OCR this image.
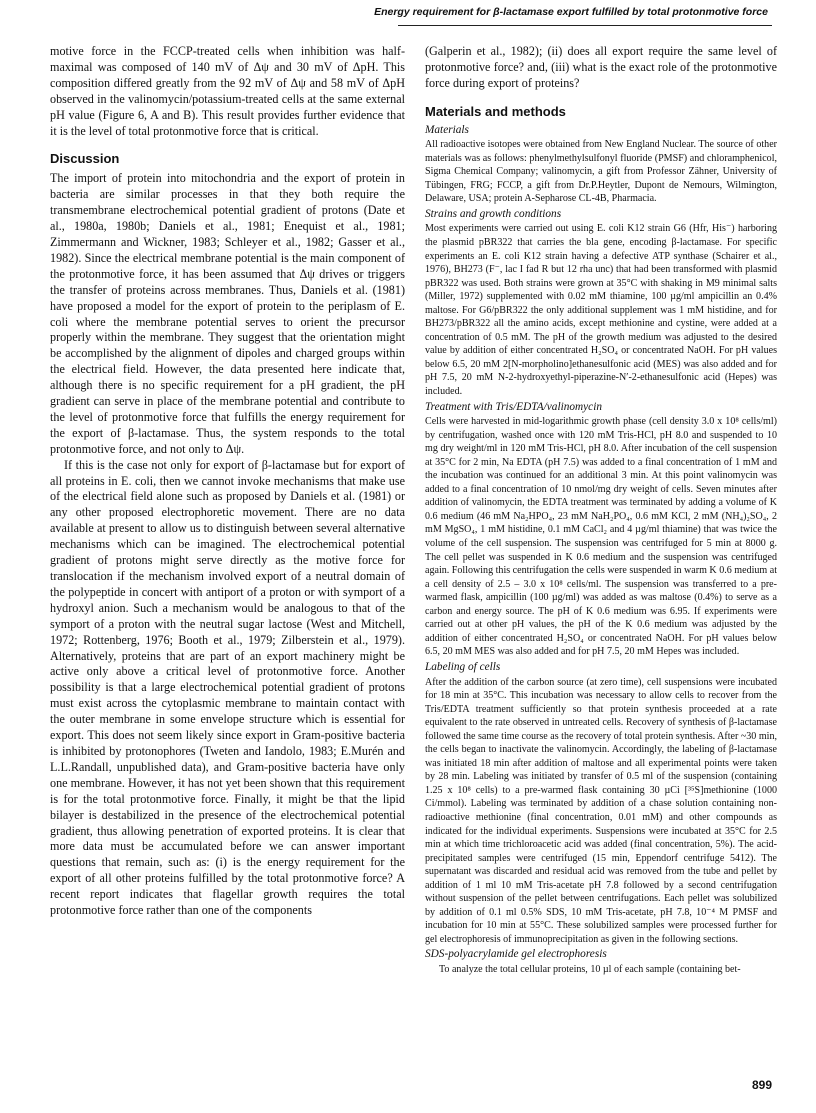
Energy requirement for β-lactamase export fulfilled by total protonmotive force

motive force in the FCCP-treated cells when inhibition was half-maximal was composed of 140 mV of Δψ and 30 mV of ΔpH. This composition differed greatly from the 92 mV of Δψ and 58 mV of ΔpH observed in the valinomycin/potassium-treated cells at the same external pH value (Figure 6, A and B). This result provides further evidence that it is the level of total protonmotive force that is critical.

Discussion

The import of protein into mitochondria and the export of protein in bacteria are similar processes in that they both require the transmembrane electrochemical potential gradient of protons (Date et al., 1980a, 1980b; Daniels et al., 1981; Enequist et al., 1981; Zimmermann and Wickner, 1983; Schleyer et al., 1982; Gasser et al., 1982). Since the electrical membrane potential is the main component of the protonmotive force, it has been assumed that Δψ drives or triggers the transfer of proteins across membranes. Thus, Daniels et al. (1981) have proposed a model for the export of protein to the periplasm of E. coli where the membrane potential serves to orient the precursor properly within the membrane. They suggest that the orientation might be accomplished by the alignment of dipoles and charged groups within the electrical field. However, the data presented here indicate that, although there is no specific requirement for a pH gradient, the pH gradient can serve in place of the membrane potential and contribute to the level of protonmotive force that fulfills the energy requirement for the export of β-lactamase. Thus, the system responds to the total protonmotive force, and not only to Δψ.

If this is the case not only for export of β-lactamase but for export of all proteins in E. coli, then we cannot invoke mechanisms that make use of the electrical field alone such as proposed by Daniels et al. (1981) or any other proposed electrophoretic movement. There are no data available at present to allow us to distinguish between several alternative mechanisms which can be imagined. The electrochemical potential gradient of protons might serve directly as the motive force for translocation if the mechanism involved export of a neutral domain of the polypeptide in concert with antiport of a proton or with symport of a hydroxyl anion. Such a mechanism would be analogous to that of the symport of a proton with the neutral sugar lactose (West and Mitchell, 1972; Rottenberg, 1976; Booth et al., 1979; Zilberstein et al., 1979). Alternatively, proteins that are part of an export machinery might be active only above a critical level of protonmotive force. Another possibility is that a large electrochemical potential gradient of protons must exist across the cytoplasmic membrane to maintain contact with the outer membrane in some envelope structure which is essential for export. This does not seem likely since export in Gram-positive bacteria is inhibited by protonophores (Tweten and Iandolo, 1983; E.Murén and L.L.Randall, unpublished data), and Gram-positive bacteria have only one membrane. However, it has not yet been shown that this requirement is for the total protonmotive force. Finally, it might be that the lipid bilayer is destabilized in the presence of the electrochemical potential gradient, thus allowing penetration of exported proteins. It is clear that more data must be accumulated before we can answer important questions that remain, such as: (i) is the energy requirement for the export of all other proteins fulfilled by the total protonmotive force? A recent report indicates that flagellar growth requires the total protonmotive force rather than one of the components

(Galperin et al., 1982); (ii) does all export require the same level of protonmotive force? and, (iii) what is the exact role of the protonmotive force during export of proteins?

Materials and methods
Materials

All radioactive isotopes were obtained from New England Nuclear. The source of other materials was as follows: phenylmethylsulfonyl fluoride (PMSF) and chloramphenicol, Sigma Chemical Company; valinomycin, a gift from Professor Zähner, University of Tübingen, FRG; FCCP, a gift from Dr.P.Heytler, Dupont de Nemours, Wilmington, Delaware, USA; protein A-Sepharose CL-4B, Pharmacia.

Strains and growth conditions

Most experiments were carried out using E. coli K12 strain G6 (Hfr, His⁻) harboring the plasmid pBR322 that carries the bla gene, encoding β-lactamase. For specific experiments an E. coli K12 strain having a defective ATP synthase (Schairer et al., 1976), BH273 (F⁻, lac I fad R but 12 rha unc) that had been transformed with plasmid pBR322 was used. Both strains were grown at 35°C with shaking in M9 minimal salts (Miller, 1972) supplemented with 0.02 mM thiamine, 100 µg/ml ampicillin an 0.4% maltose. For G6/pBR322 the only additional supplement was 1 mM histidine, and for BH273/pBR322 all the amino acids, except methionine and cystine, were added at a concentration of 0.5 mM. The pH of the growth medium was adjusted to the desired value by addition of either concentrated H₂SO₄ or concentrated NaOH. For pH values below 6.5, 20 mM 2[N-morpholino]ethanesulfonic acid (MES) was also added and for pH 7.5, 20 mM N-2-hydroxyethyl-piperazine-N′-2-ethanesulfonic acid (Hepes) was included.

Treatment with Tris/EDTA/valinomycin

Cells were harvested in mid-logarithmic growth phase (cell density 3.0 x 10⁸ cells/ml) by centrifugation, washed once with 120 mM Tris-HCl, pH 8.0 and suspended to 10 mg dry weight/ml in 120 mM Tris-HCl, pH 8.0. After incubation of the cell suspension at 35°C for 2 min, Na EDTA (pH 7.5) was added to a final concentration of 1 mM and the incubation was continued for an additional 3 min. At this point valinomycin was added to a final concentration of 10 nmol/mg dry weight of cells. Seven minutes after addition of valinomycin, the EDTA treatment was terminated by adding a volume of K 0.6 medium (46 mM Na₂HPO₄, 23 mM NaH₂PO₄, 0.6 mM KCl, 2 mM (NH₄)₂SO₄, 2 mM MgSO₄, 1 mM histidine, 0.1 mM CaCl₂ and 4 µg/ml thiamine) that was twice the volume of the cell suspension. The suspension was centrifuged for 5 min at 8000 g. The cell pellet was suspended in K 0.6 medium and the suspension was centrifuged again. Following this centrifugation the cells were suspended in warm K 0.6 medium at a cell density of 2.5 – 3.0 x 10⁸ cells/ml. The suspension was transferred to a pre-warmed flask, ampicillin (100 µg/ml) was added as was maltose (0.4%) to serve as a carbon and energy source. The pH of K 0.6 medium was 6.95. If experiments were carried out at other pH values, the pH of the K 0.6 medium was adjusted by the addition of either concentrated H₂SO₄ or concentrated NaOH. For pH values below 6.5, 20 mM MES was also added and for pH 7.5, 20 mM Hepes was included.

Labeling of cells

After the addition of the carbon source (at zero time), cell suspensions were incubated for 18 min at 35°C. This incubation was necessary to allow cells to recover from the Tris/EDTA treatment sufficiently so that protein synthesis proceeded at a rate equivalent to the rate observed in untreated cells. Recovery of synthesis of β-lactamase followed the same time course as the recovery of total protein synthesis. After ~30 min, the cells began to inactivate the valinomycin. Accordingly, the labeling of β-lactamase was initiated 18 min after addition of maltose and all experimental points were taken by 28 min. Labeling was initiated by transfer of 0.5 ml of the suspension (containing 1.25 x 10⁸ cells) to a pre-warmed flask containing 30 µCi [³⁵S]methionine (1000 Ci/mmol). Labeling was terminated by addition of a chase solution containing non-radioactive methionine (final concentration, 0.01 mM) and other compounds as indicated for the individual experiments. Suspensions were incubated at 35°C for 2.5 min at which time trichloroacetic acid was added (final concentration, 5%). The acid-precipitated samples were centrifuged (15 min, Eppendorf centrifuge 5412). The supernatant was discarded and residual acid was removed from the tube and pellet by addition of 1 ml 10 mM Tris-acetate pH 7.8 followed by a second centrifugation without suspension of the pellet between centrifugations. Each pellet was solubilized by addition of 0.1 ml 0.5% SDS, 10 mM Tris-acetate, pH 7.8, 10⁻⁴ M PMSF and incubation for 10 min at 55°C. These solubilized samples were processed further for gel electrophoresis of immunoprecipitation as given in the following sections.

SDS-polyacrylamide gel electrophoresis

To analyze the total cellular proteins, 10 µl of each sample (containing bet-

899
